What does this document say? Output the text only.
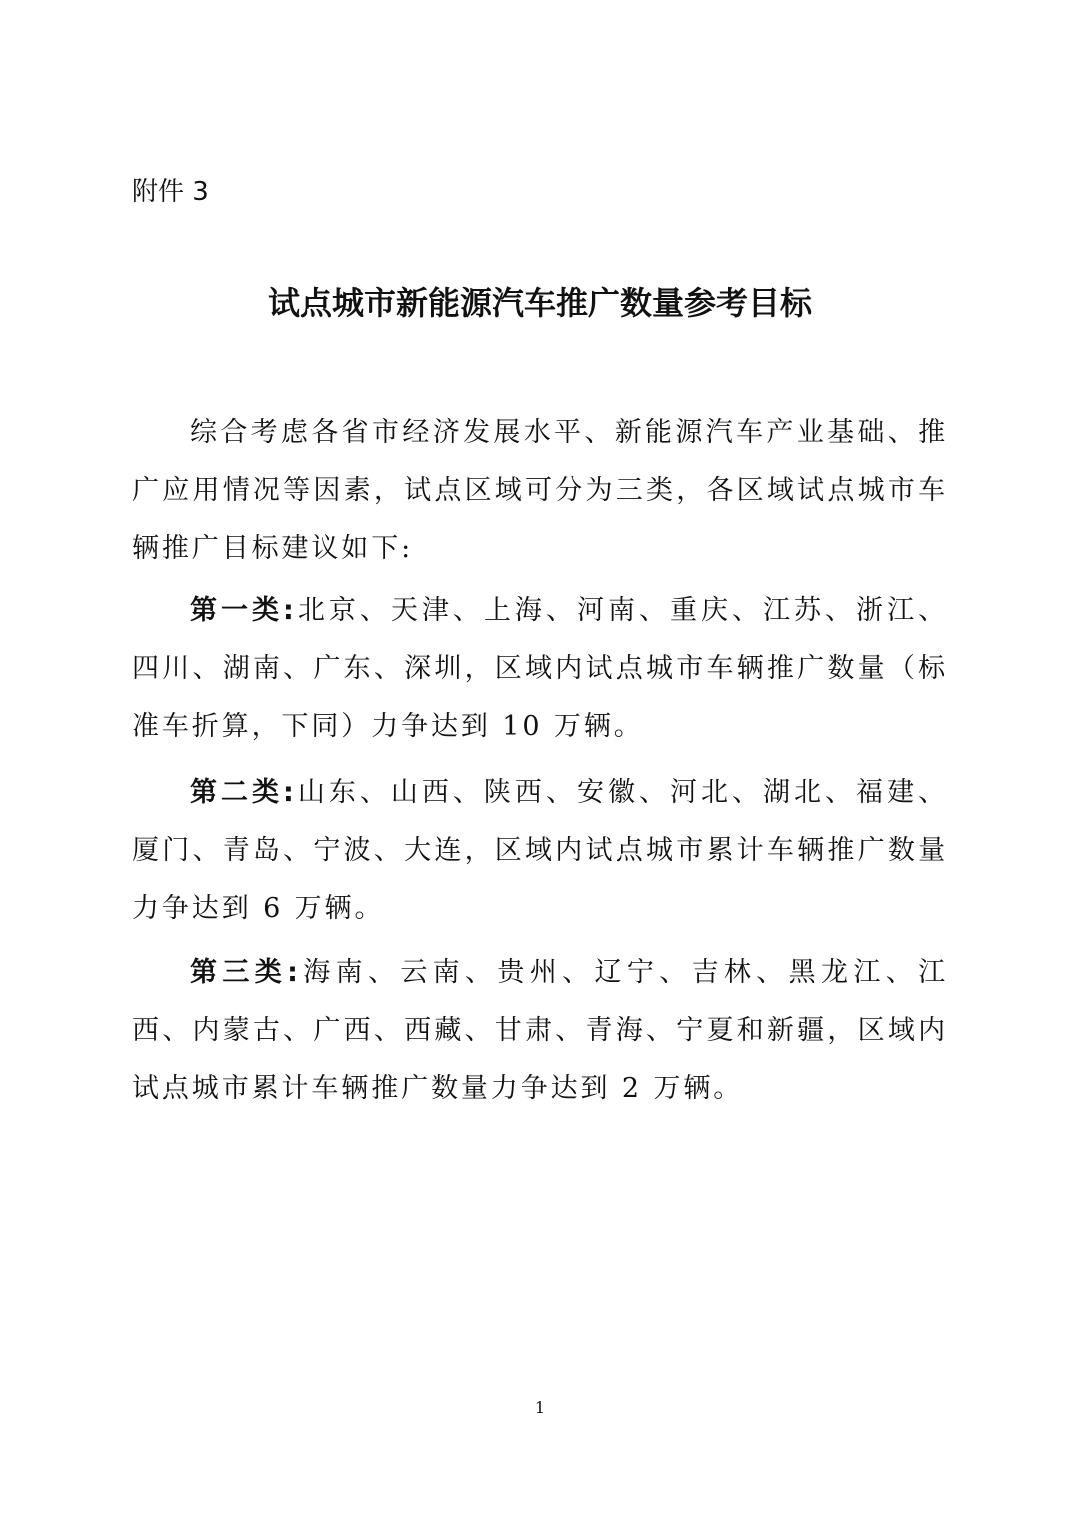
附件 3
试点城市新能源汽车推广数量参考目标

综合考虑各省市经济发展水平、新能源汽车产业基础、推广应用情况等因素，试点区域可分为三类，各区域试点城市车辆推广目标建议如下:

第一类:北京、天津、上海、河南、重庆、江苏、浙江、四川、湖南、广东、深圳，区域内试点城市车辆推广数量（标准车折算，下同）力争达到 10 万辆。

第二类:山东、山西、陕西、安徽、河北、湖北、福建、厦门、青岛、宁波、大连，区域内试点城市累计车辆推广数量力争达到 6 万辆。

第三类:海南、云南、贵州、辽宁、吉林、黑龙江、江西、内蒙古、广西、西藏、甘肃、青海、宁夏和新疆，区域内试点城市累计车辆推广数量力争达到 2 万辆。

1
